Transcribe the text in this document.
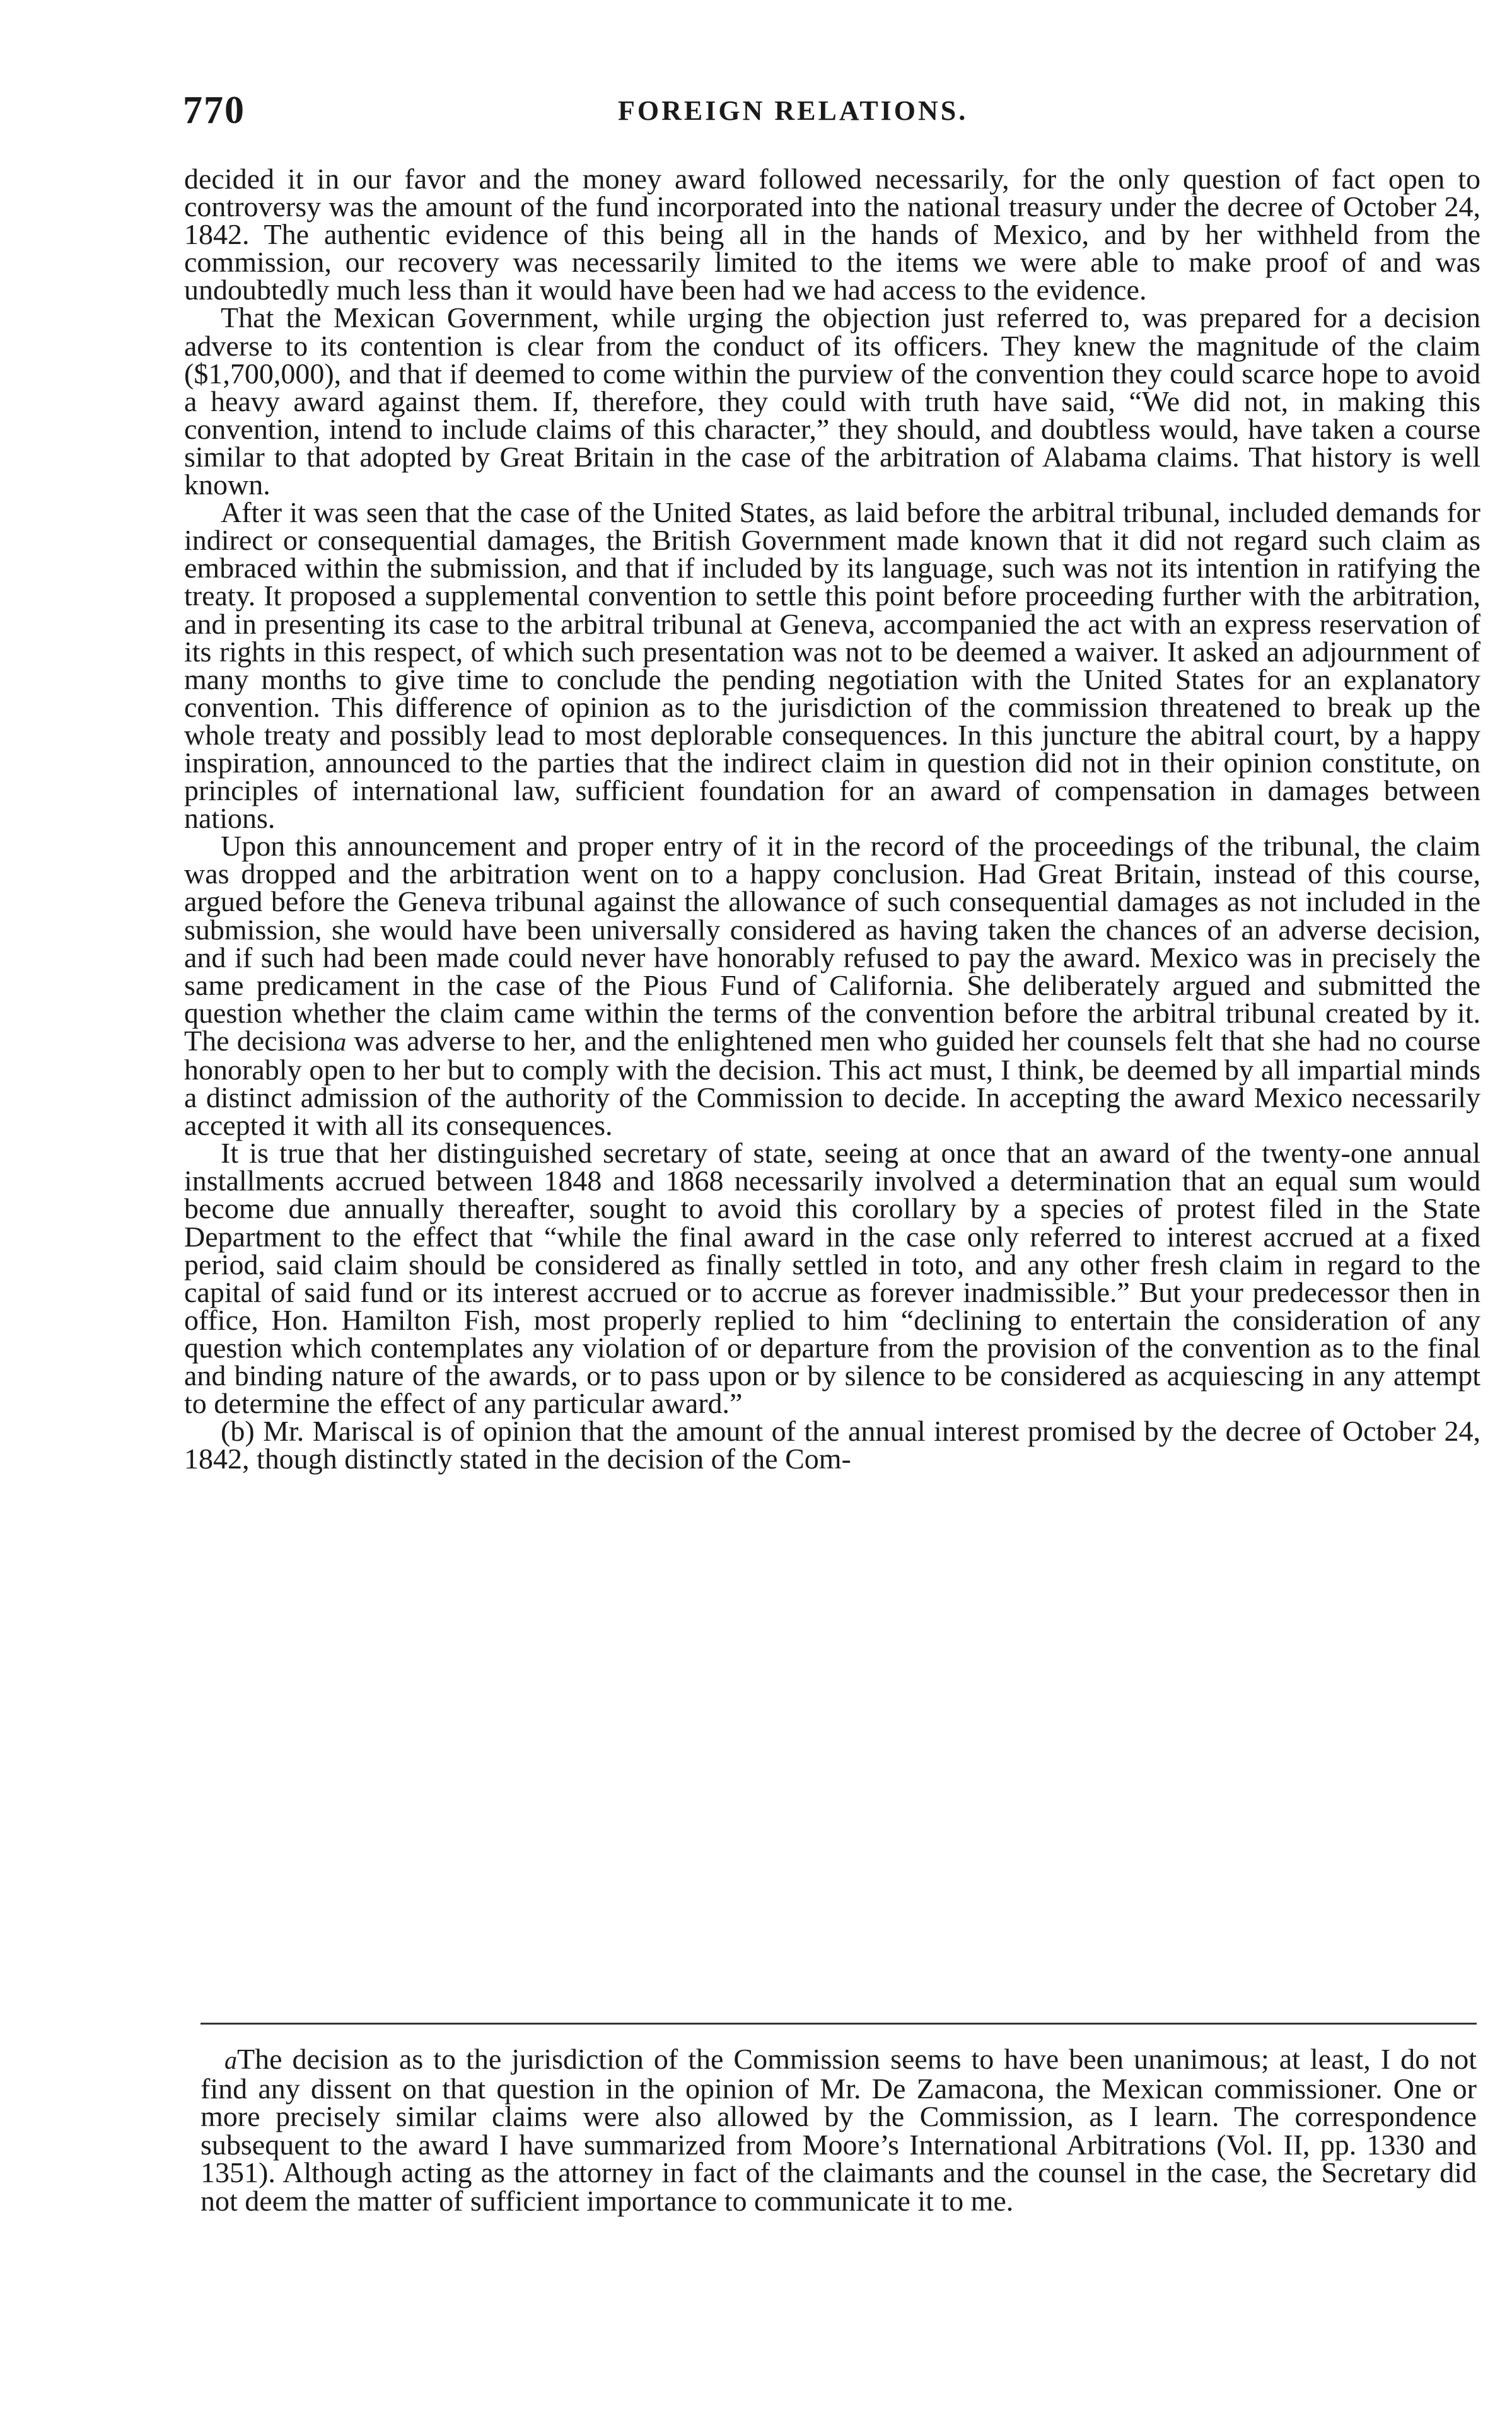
770	FOREIGN RELATIONS.

decided it in our favor and the money award followed necessarily, for the only question of fact open to controversy was the amount of the fund incorporated into the national treasury under the decree of October 24, 1842. The authentic evidence of this being all in the hands of Mexico, and by her withheld from the commission, our recovery was necessarily limited to the items we were able to make proof of and was undoubtedly much less than it would have been had we had access to the evidence.

That the Mexican Government, while urging the objection just referred to, was prepared for a decision adverse to its contention is clear from the conduct of its officers. They knew the magnitude of the claim ($1,700,000), and that if deemed to come within the purview of the convention they could scarce hope to avoid a heavy award against them. If, therefore, they could with truth have said, “We did not, in making this convention, intend to include claims of this character,” they should, and doubtless would, have taken a course similar to that adopted by Great Britain in the case of the arbitration of Alabama claims. That history is well known.

After it was seen that the case of the United States, as laid before the arbitral tribunal, included demands for indirect or consequential damages, the British Government made known that it did not regard such claim as embraced within the submission, and that if included by its language, such was not its intention in ratifying the treaty. It proposed a supplemental convention to settle this point before proceeding further with the arbitration, and in presenting its case to the arbitral tribunal at Geneva, accompanied the act with an express reservation of its rights in this respect, of which such presentation was not to be deemed a waiver. It asked an adjournment of many months to give time to conclude the pending negotiation with the United States for an explanatory convention. This difference of opinion as to the jurisdiction of the commission threatened to break up the whole treaty and possibly lead to most deplorable consequences. In this juncture the abitral court, by a happy inspiration, announced to the parties that the indirect claim in question did not in their opinion constitute, on principles of international law, sufficient foundation for an award of compensation in damages between nations.

Upon this announcement and proper entry of it in the record of the proceedings of the tribunal, the claim was dropped and the arbitration went on to a happy conclusion. Had Great Britain, instead of this course, argued before the Geneva tribunal against the allowance of such consequential damages as not included in the submission, she would have been universally considered as having taken the chances of an adverse decision, and if such had been made could never have honorably refused to pay the award. Mexico was in precisely the same predicament in the case of the Pious Fund of California. She deliberately argued and submitted the question whether the claim came within the terms of the convention before the arbitral tribunal created by it. The decisiona was adverse to her, and the enlightened men who guided her counsels felt that she had no course honorably open to her but to comply with the decision. This act must, I think, be deemed by all impartial minds a distinct admission of the authority of the Commission to decide. In accepting the award Mexico necessarily accepted it with all its consequences.

It is true that her distinguished secretary of state, seeing at once that an award of the twenty-one annual installments accrued between 1848 and 1868 necessarily involved a determination that an equal sum would become due annually thereafter, sought to avoid this corollary by a species of protest filed in the State Department to the effect that “while the final award in the case only referred to interest accrued at a fixed period, said claim should be considered as finally settled in toto, and any other fresh claim in regard to the capital of said fund or its interest accrued or to accrue as forever inadmissible.” But your predecessor then in office, Hon. Hamilton Fish, most properly replied to him “declining to entertain the consideration of any question which contemplates any violation of or departure from the provision of the convention as to the final and binding nature of the awards, or to pass upon or by silence to be considered as acquiescing in any attempt to determine the effect of any particular award.”

(b) Mr. Mariscal is of opinion that the amount of the annual interest promised by the decree of October 24, 1842, though distinctly stated in the decision of the Com-

aThe decision as to the jurisdiction of the Commission seems to have been unanimous; at least, I do not find any dissent on that question in the opinion of Mr. De Zamacona, the Mexican commissioner. One or more precisely similar claims were also allowed by the Commission, as I learn. The correspondence subsequent to the award I have summarized from Moore’s International Arbitrations (Vol. II, pp. 1330 and 1351). Although acting as the attorney in fact of the claimants and the counsel in the case, the Secretary did not deem the matter of sufficient importance to communicate it to me.
